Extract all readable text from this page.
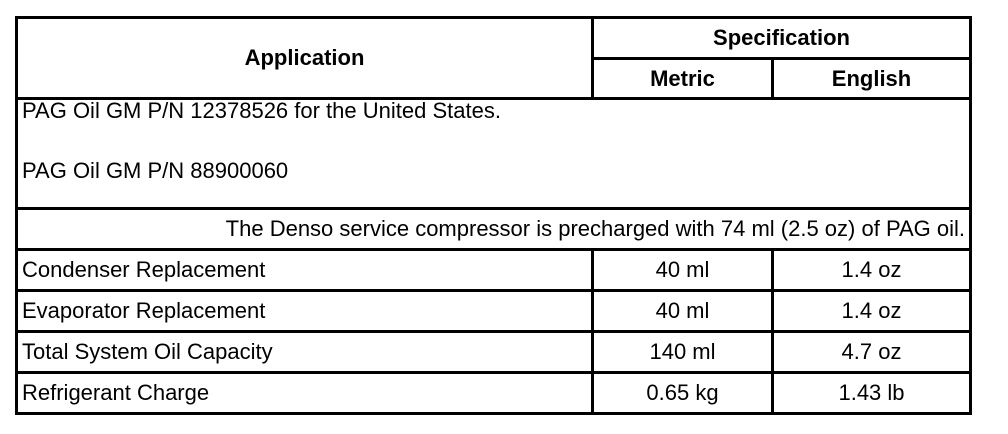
Application	Specification	
	Metric	English
PAG Oil GM P/N 12378526 for the United States.
PAG Oil GM P/N 88900060		

The Denso service compressor is precharged with 74 ml (2.5 oz) of PAG oil.		
Condenser Replacement	40 ml	1.4 oz
Evaporator Replacement	40 ml	1.4 oz
Total System Oil Capacity	140 ml	4.7 oz
Refrigerant Charge	0.65 kg	1.43 lb
